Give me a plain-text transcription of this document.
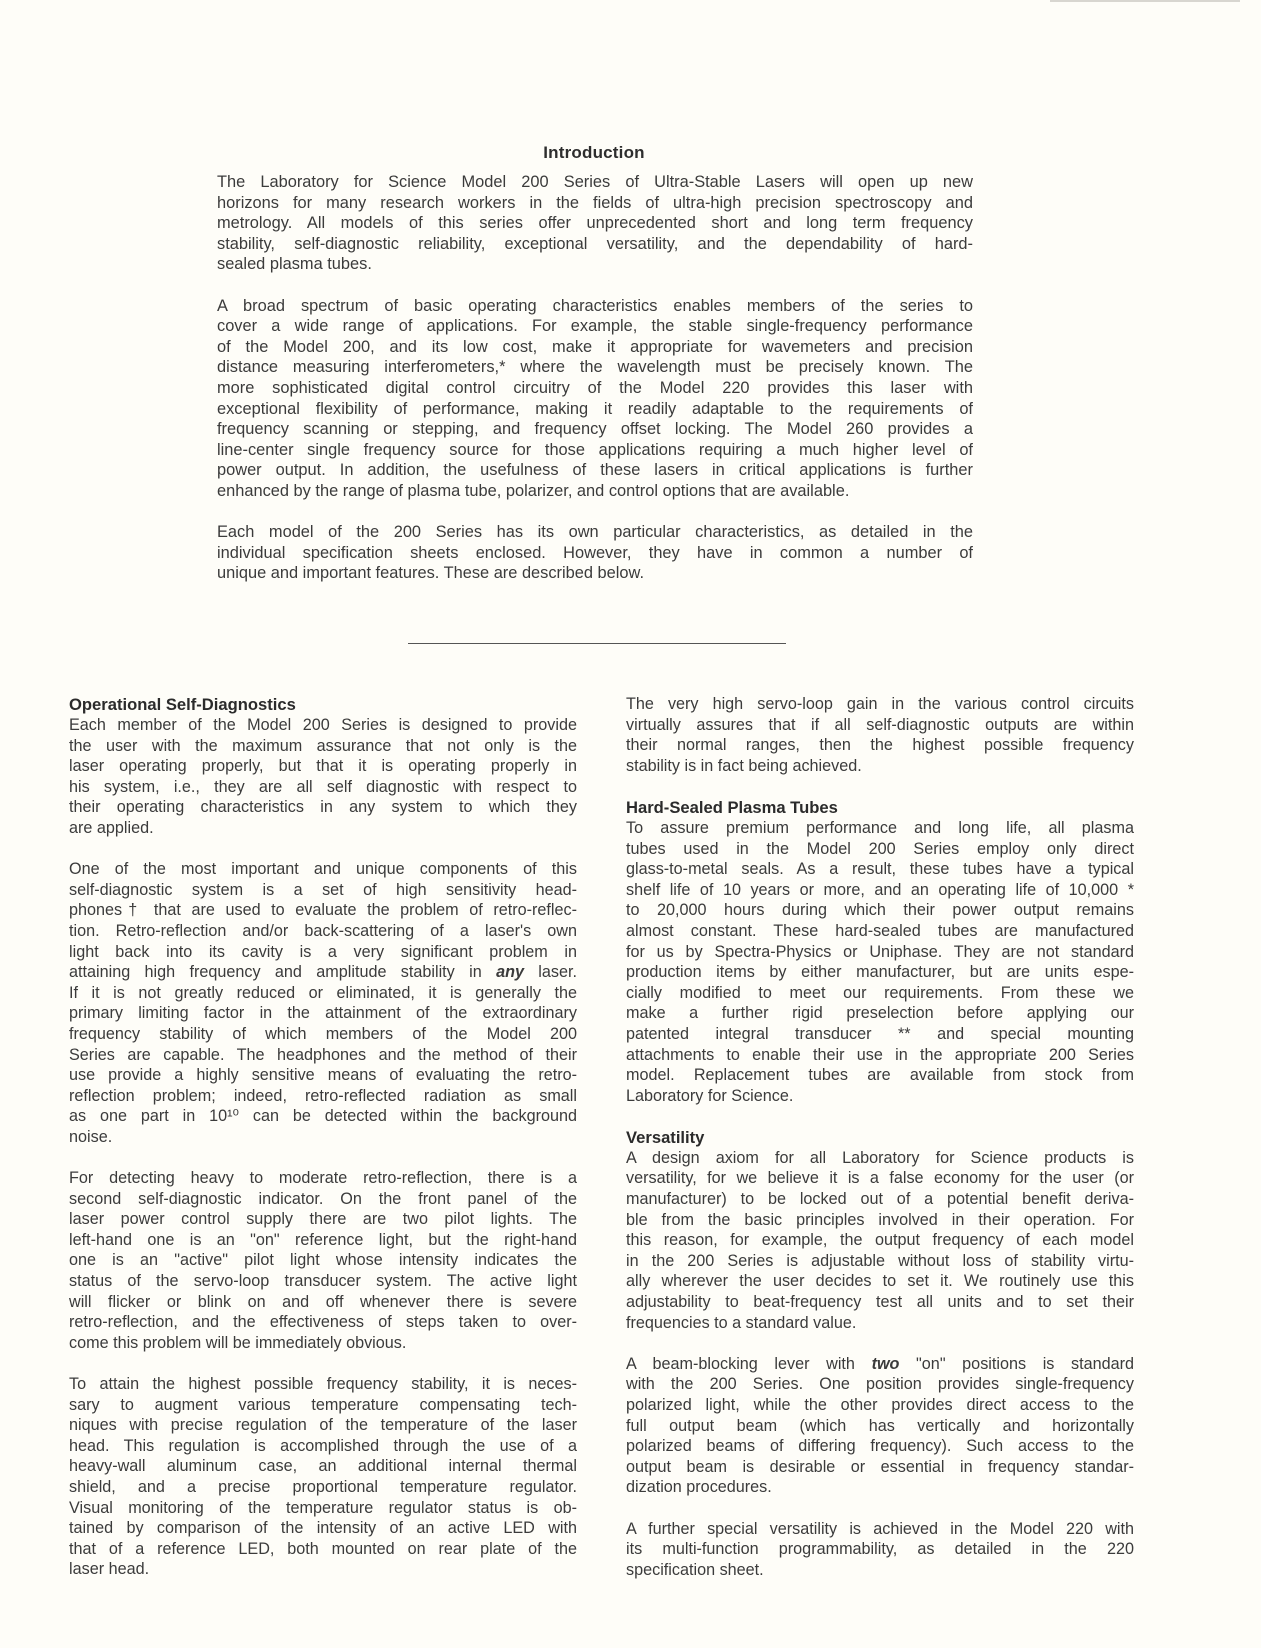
Introduction
The Laboratory for Science Model 200 Series of Ultra-Stable Lasers will open up new
horizons for many research workers in the fields of ultra-high precision spectroscopy and
metrology. All models of this series offer unprecedented short and long term frequency
stability, self-diagnostic reliability, exceptional versatility, and the dependability of hard-
sealed plasma tubes.
A broad spectrum of basic operating characteristics enables members of the series to
cover a wide range of applications. For example, the stable single-frequency performance
of the Model 200, and its low cost, make it appropriate for wavemeters and precision
distance measuring interferometers,* where the wavelength must be precisely known. The
more sophisticated digital control circuitry of the Model 220 provides this laser with
exceptional flexibility of performance, making it readily adaptable to the requirements of
frequency scanning or stepping, and frequency offset locking. The Model 260 provides a
line-center single frequency source for those applications requiring a much higher level of
power output. In addition, the usefulness of these lasers in critical applications is further
enhanced by the range of plasma tube, polarizer, and control options that are available.
Each model of the 200 Series has its own particular characteristics, as detailed in the
individual specification sheets enclosed. However, they have in common a number of
unique and important features. These are described below.
Operational Self-Diagnostics
Each member of the Model 200 Series is designed to provide
the user with the maximum assurance that not only is the
laser operating properly, but that it is operating properly in
his system, i.e., they are all self diagnostic with respect to
their operating characteristics in any system to which they
are applied.
One of the most important and unique components of this
self-diagnostic system is a set of high sensitivity head-
phones† that are used to evaluate the problem of retro-reflec-
tion. Retro-reflection and/or back-scattering of a laser's own
light back into its cavity is a very significant problem in
attaining high frequency and amplitude stability in any laser.
If it is not greatly reduced or eliminated, it is generally the
primary limiting factor in the attainment of the extraordinary
frequency stability of which members of the Model 200
Series are capable. The headphones and the method of their
use provide a highly sensitive means of evaluating the retro-
reflection problem; indeed, retro-reflected radiation as small
as one part in 10¹⁰ can be detected within the background
noise.
For detecting heavy to moderate retro-reflection, there is a
second self-diagnostic indicator. On the front panel of the
laser power control supply there are two pilot lights. The
left-hand one is an "on" reference light, but the right-hand
one is an "active" pilot light whose intensity indicates the
status of the servo-loop transducer system. The active light
will flicker or blink on and off whenever there is severe
retro-reflection, and the effectiveness of steps taken to over-
come this problem will be immediately obvious.
To attain the highest possible frequency stability, it is neces-
sary to augment various temperature compensating tech-
niques with precise regulation of the temperature of the laser
head. This regulation is accomplished through the use of a
heavy-wall aluminum case, an additional internal thermal
shield, and a precise proportional temperature regulator.
Visual monitoring of the temperature regulator status is ob-
tained by comparison of the intensity of an active LED with
that of a reference LED, both mounted on rear plate of the
laser head.
The very high servo-loop gain in the various control circuits
virtually assures that if all self-diagnostic outputs are within
their normal ranges, then the highest possible frequency
stability is in fact being achieved.
Hard-Sealed Plasma Tubes
To assure premium performance and long life, all plasma
tubes used in the Model 200 Series employ only direct
glass-to-metal seals. As a result, these tubes have a typical
shelf life of 10 years or more, and an operating life of 10,000 *
to 20,000 hours during which their power output remains
almost constant. These hard-sealed tubes are manufactured
for us by Spectra-Physics or Uniphase. They are not standard
production items by either manufacturer, but are units espe-
cially modified to meet our requirements. From these we
make a further rigid preselection before applying our
patented integral transducer ** and special mounting
attachments to enable their use in the appropriate 200 Series
model. Replacement tubes are available from stock from
Laboratory for Science.
Versatility
A design axiom for all Laboratory for Science products is
versatility, for we believe it is a false economy for the user (or
manufacturer) to be locked out of a potential benefit deriva-
ble from the basic principles involved in their operation. For
this reason, for example, the output frequency of each model
in the 200 Series is adjustable without loss of stability virtu-
ally wherever the user decides to set it. We routinely use this
adjustability to beat-frequency test all units and to set their
frequencies to a standard value.
A beam-blocking lever with two "on" positions is standard
with the 200 Series. One position provides single-frequency
polarized light, while the other provides direct access to the
full output beam (which has vertically and horizontally
polarized beams of differing frequency). Such access to the
output beam is desirable or essential in frequency standar-
dization procedures.
A further special versatility is achieved in the Model 220 with
its multi-function programmability, as detailed in the 220
specification sheet.
